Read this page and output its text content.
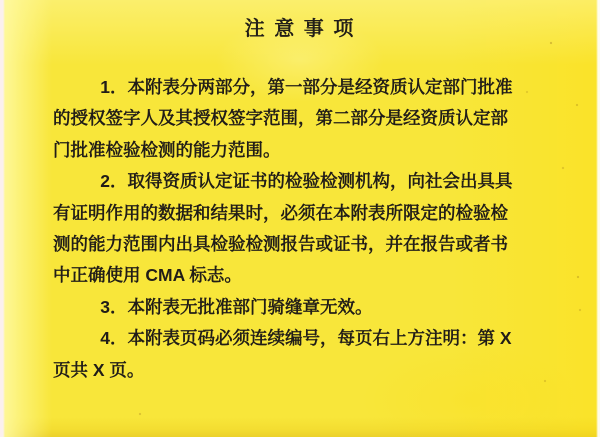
注 意 事 项
1．本附表分两部分，第一部分是经资质认定部门批准
的授权签字人及其授权签字范围，第二部分是经资质认定部
门批准检验检测的能力范围。
2．取得资质认定证书的检验检测机构，向社会出具具
有证明作用的数据和结果时，必须在本附表所限定的检验检
测的能力范围内出具检验检测报告或证书，并在报告或者书
中正确使用 CMA 标志。
3．本附表无批准部门骑缝章无效。
4．本附表页码必须连续编号，每页右上方注明：第 X
页共 X 页。
